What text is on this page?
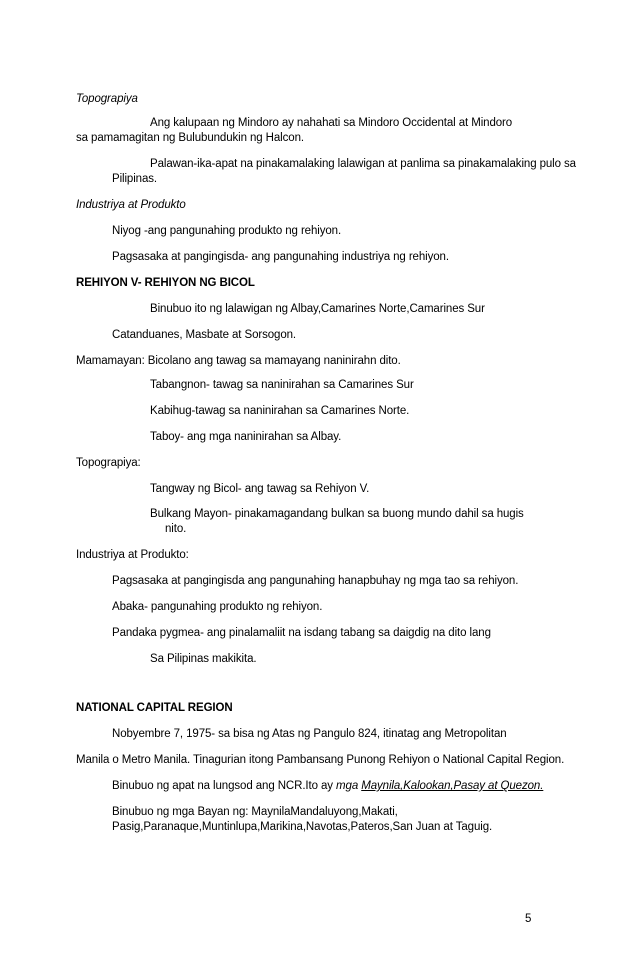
Topograpiya
Ang kalupaan ng Mindoro ay nahahati sa Mindoro Occidental at Mindoro
sa pamamagitan ng Bulubundukin ng Halcon.
Palawan-ika-apat na pinakamalaking lalawigan at panlima sa pinakamalaking pulo sa
Pilipinas.
Industriya at Produkto
Niyog -ang pangunahing produkto ng rehiyon.
Pagsasaka at pangingisda- ang pangunahing industriya ng rehiyon.
REHIYON V- REHIYON NG BICOL
Binubuo ito ng lalawigan ng Albay,Camarines Norte,Camarines Sur
Catanduanes, Masbate at Sorsogon.
Mamamayan: Bicolano ang tawag sa mamayang naninirahn dito.
Tabangnon- tawag sa naninirahan sa Camarines Sur
Kabihug-tawag sa naninirahan sa Camarines Norte.
Taboy- ang mga naninirahan sa Albay.
Topograpiya:
Tangway ng Bicol- ang tawag sa Rehiyon V.
Bulkang Mayon- pinakamagandang bulkan sa buong mundo dahil sa hugis
nito.
Industriya at Produkto:
Pagsasaka at pangingisda ang pangunahing hanapbuhay ng mga tao sa rehiyon.
Abaka- pangunahing produkto ng rehiyon.
Pandaka pygmea- ang pinalamaliit na isdang tabang sa daigdig na dito lang
Sa Pilipinas makikita.
NATIONAL CAPITAL REGION
Nobyembre 7, 1975- sa bisa ng Atas ng Pangulo 824, itinatag ang Metropolitan
Manila o Metro Manila. Tinagurian itong Pambansang Punong Rehiyon o National Capital Region.
Binubuo ng apat na lungsod ang NCR.Ito ay mga Maynila,Kalookan,Pasay at Quezon.
Binubuo ng mga Bayan ng: MaynilaMandaluyong,Makati,
Pasig,Paranaque,Muntinlupa,Marikina,Navotas,Pateros,San Juan at Taguig.
5
